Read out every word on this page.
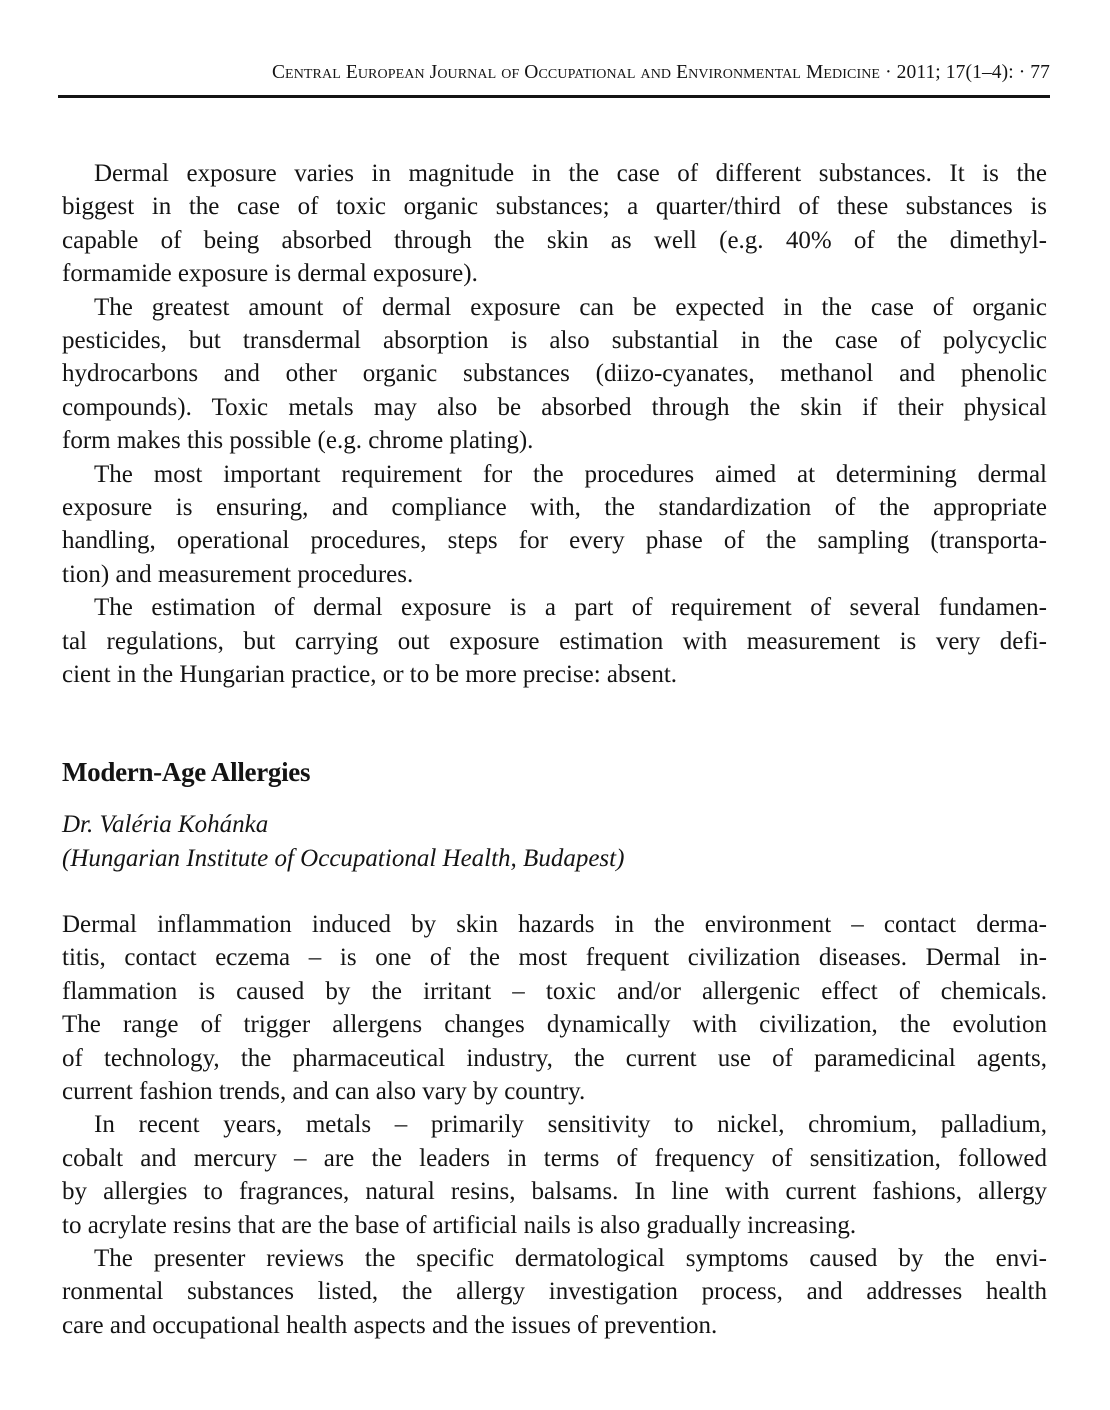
Central European Journal of Occupational and Environmental Medicine · 2011; 17(1–4): · 77
Dermal exposure varies in magnitude in the case of different substances. It is the
biggest in the case of toxic organic substances; a quarter/third of these substances is
capable of being absorbed through the skin as well (e.g. 40% of the dimethyl-
formamide exposure is dermal exposure).
The greatest amount of dermal exposure can be expected in the case of organic
pesticides, but transdermal absorption is also substantial in the case of polycyclic
hydrocarbons and other organic substances (diizo-cyanates, methanol and phenolic
compounds). Toxic metals may also be absorbed through the skin if their physical
form makes this possible (e.g. chrome plating).
The most important requirement for the procedures aimed at determining dermal
exposure is ensuring, and compliance with, the standardization of the appropriate
handling, operational procedures, steps for every phase of the sampling (transporta-
tion) and measurement procedures.
The estimation of dermal exposure is a part of requirement of several fundamen-
tal regulations, but carrying out exposure estimation with measurement is very defi-
cient in the Hungarian practice, or to be more precise: absent.
Modern-Age Allergies
Dr. Valéria Kohánka
(Hungarian Institute of Occupational Health, Budapest)
Dermal inflammation induced by skin hazards in the environment – contact derma-
titis, contact eczema – is one of the most frequent civilization diseases. Dermal in-
flammation is caused by the irritant – toxic and/or allergenic effect of chemicals.
The range of trigger allergens changes dynamically with civilization, the evolution
of technology, the pharmaceutical industry, the current use of paramedicinal agents,
current fashion trends, and can also vary by country.
In recent years, metals – primarily sensitivity to nickel, chromium, palladium,
cobalt and mercury – are the leaders in terms of frequency of sensitization, followed
by allergies to fragrances, natural resins, balsams. In line with current fashions, allergy
to acrylate resins that are the base of artificial nails is also gradually increasing.
The presenter reviews the specific dermatological symptoms caused by the envi-
ronmental substances listed, the allergy investigation process, and addresses health
care and occupational health aspects and the issues of prevention.
